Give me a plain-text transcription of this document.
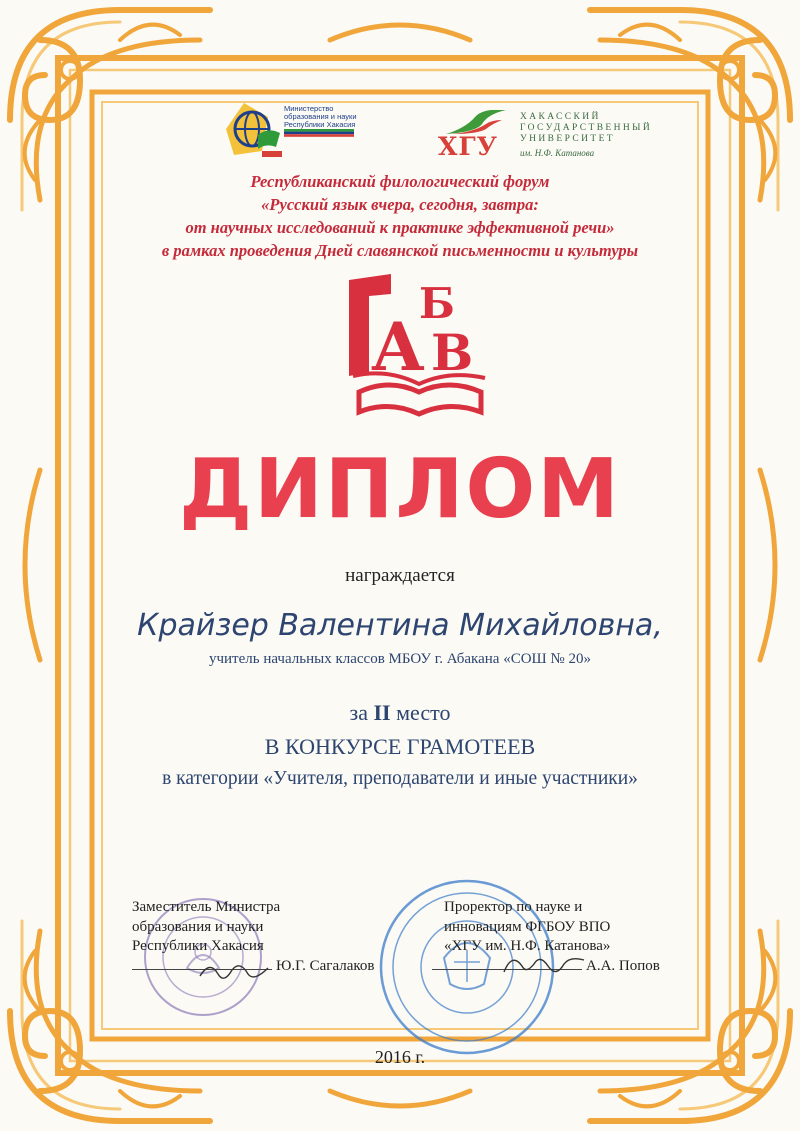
Министерство
образования и науки
Республики Хакасия
ХГУ
ХАКАССКИЙ
ГОСУДАРСТВЕННЫЙ
УНИВЕРСИТЕТ
им. Н.Ф. Катанова
Республиканский филологический форум
«Русский язык вчера, сегодня, завтра:
от научных исследований к практике эффективной речи»
в рамках проведения Дней славянской письменности и культуры
А
Б
В
ДИПЛОМ
награждается
Крайзер Валентина Михайловна,
учитель начальных классов МБОУ г. Абакана «СОШ № 20»
за II место
В КОНКУРСЕ ГРАМОТЕЕВ
в категории «Учителя, преподаватели и иные участники»
Заместитель Министра
образования и науки
Республики Хакасия
Ю.Г. Сагалаков
Проректор по науке и
инновациям ФГБОУ ВПО
«ХГУ им. Н.Ф. Катанова»
А.А. Попов
2016 г.
